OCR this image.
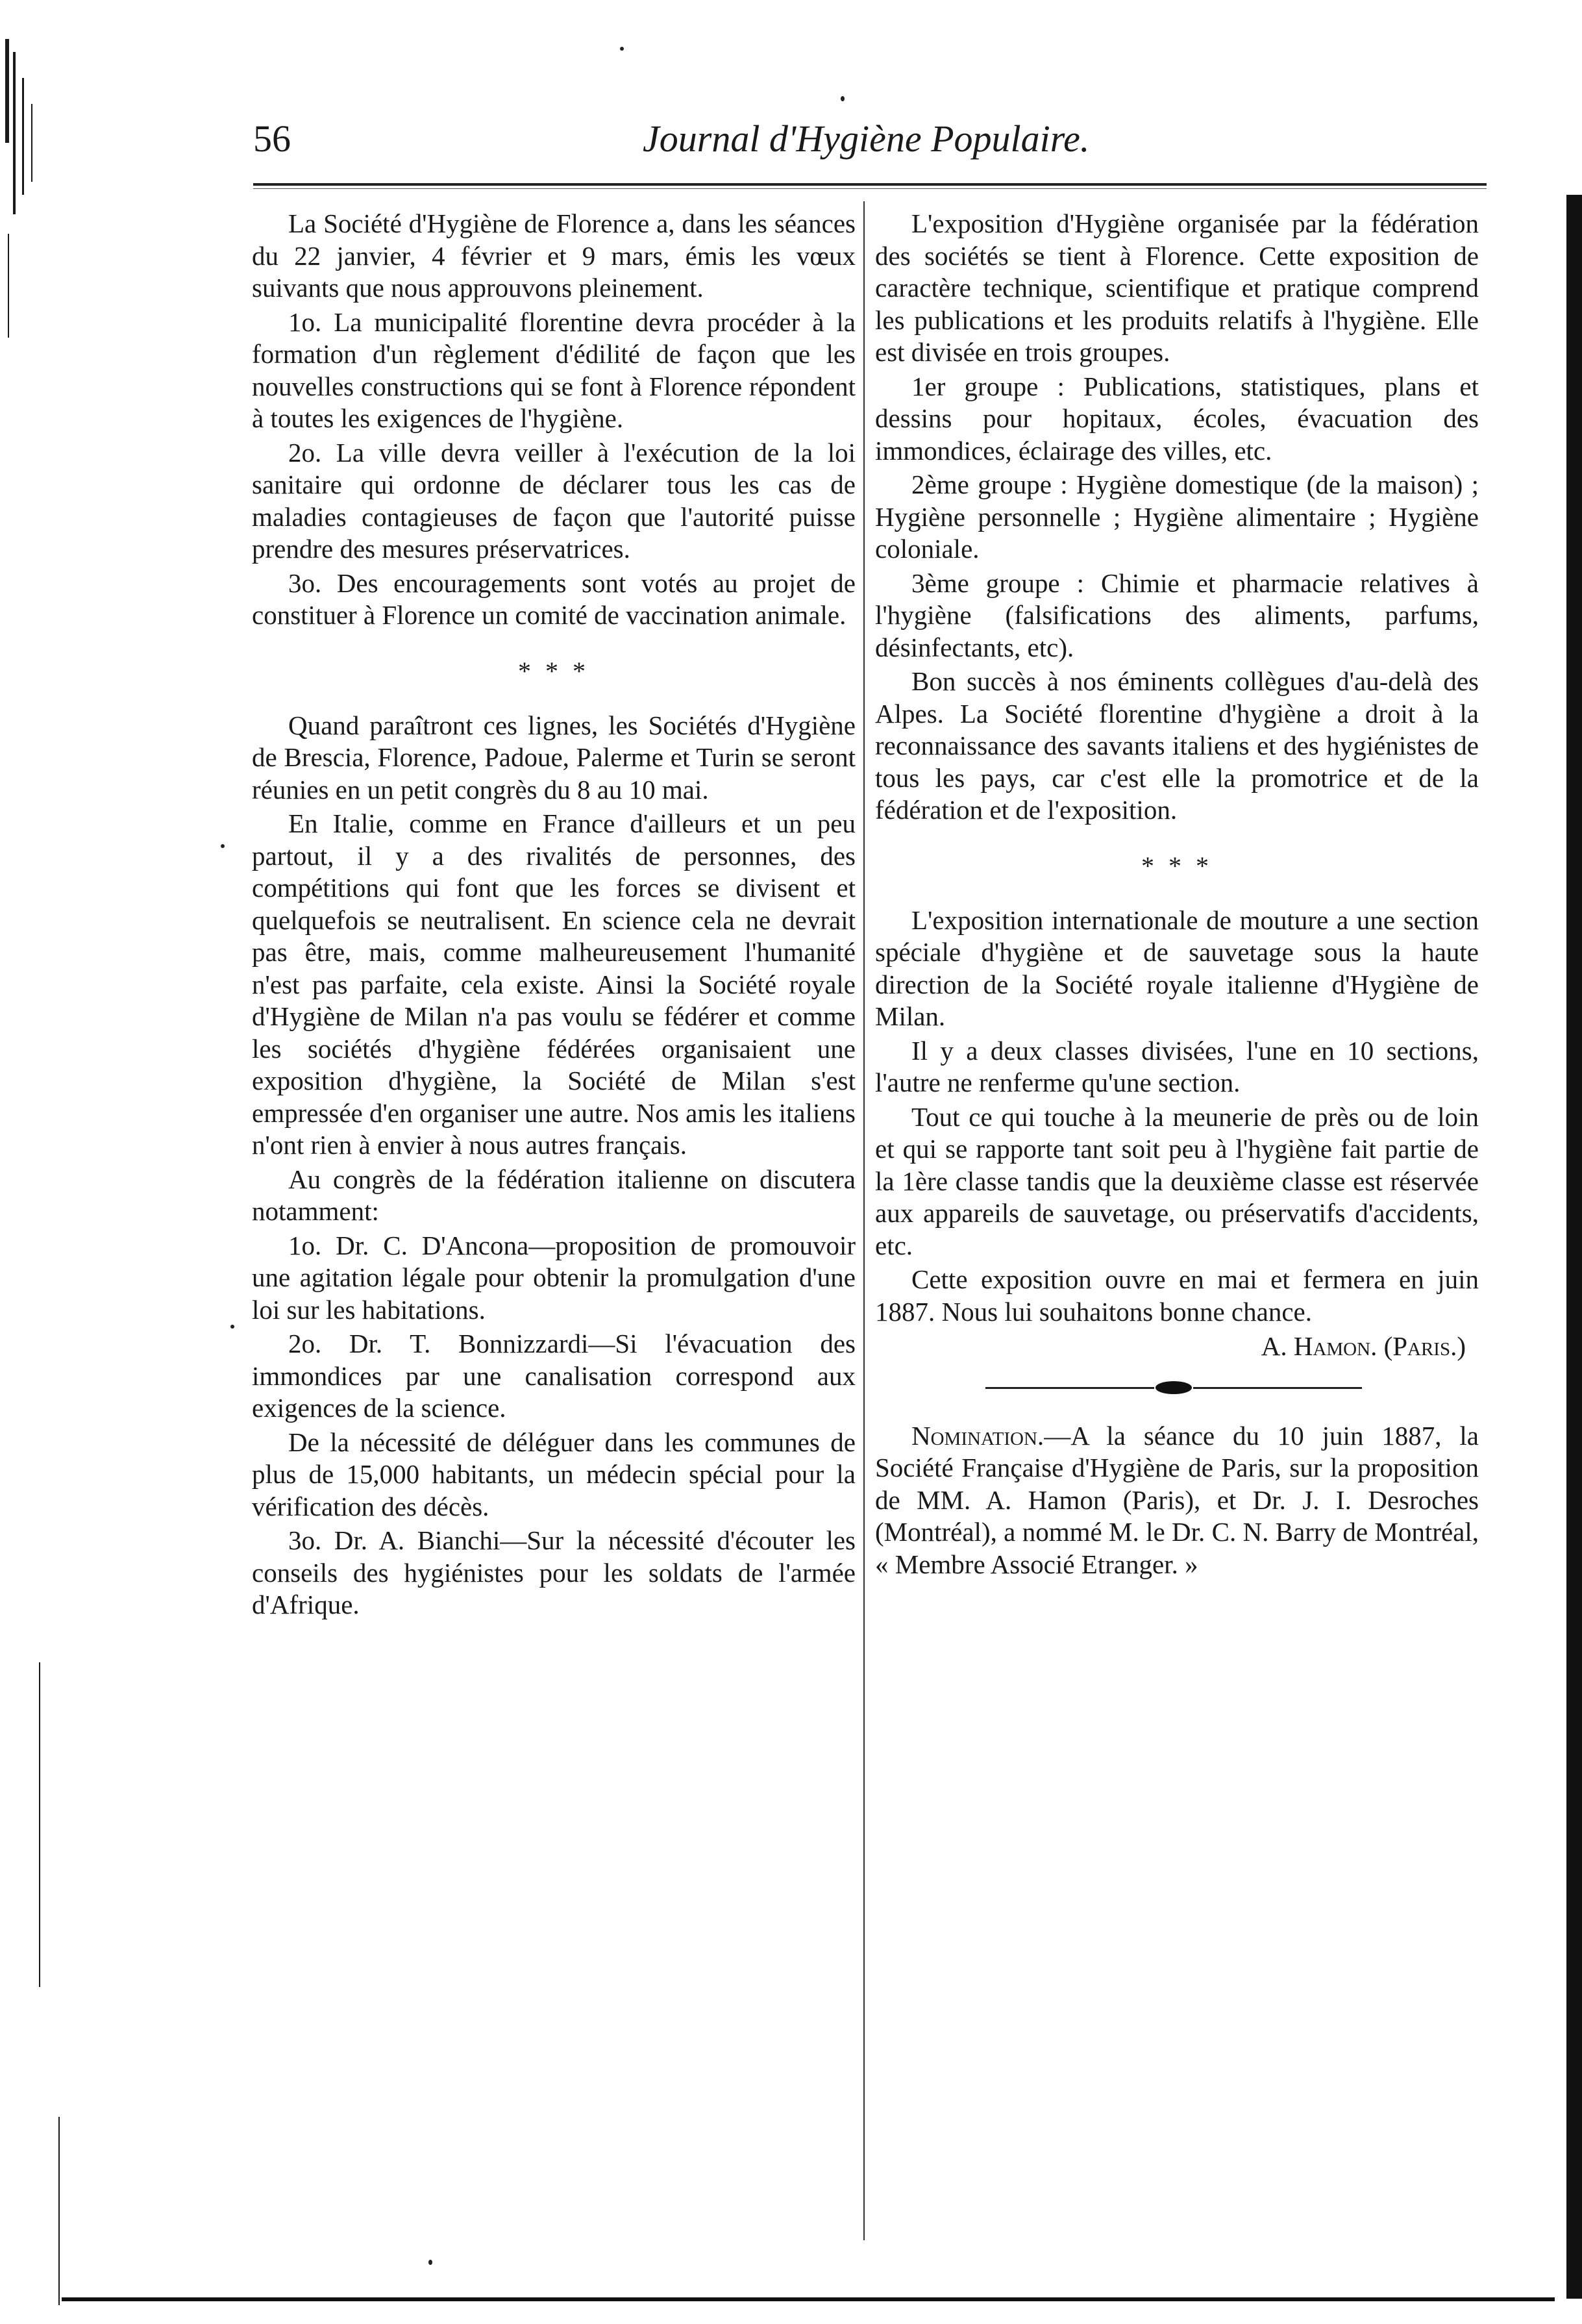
56	Journal d'Hygiène Populaire.

La Société d'Hygiène de Florence a, dans les séances du 22 janvier, 4 février et 9 mars, émis les vœux suivants que nous approuvons pleinement.

1o. La municipalité florentine devra procéder à la formation d'un règlement d'édilité de façon que les nouvelles constructions qui se font à Florence répondent à toutes les exigences de l'hygiène.

2o. La ville devra veiller à l'exécution de la loi sanitaire qui ordonne de déclarer tous les cas de maladies contagieuses de façon que l'autorité puisse prendre des mesures préservatrices.

3o. Des encouragements sont votés au projet de constituer à Florence un comité de vaccination animale.

* * *

Quand paraîtront ces lignes, les Sociétés d'Hygiène de Brescia, Florence, Padoue, Palerme et Turin se seront réunies en un petit congrès du 8 au 10 mai.

En Italie, comme en France d'ailleurs et un peu partout, il y a des rivalités de personnes, des compétitions qui font que les forces se divisent et quelquefois se neutralisent. En science cela ne devrait pas être, mais, comme malheureusement l'humanité n'est pas parfaite, cela existe. Ainsi la Société royale d'Hygiène de Milan n'a pas voulu se fédérer et comme les sociétés d'hygiène fédérées organisaient une exposition d'hygiène, la Société de Milan s'est empressée d'en organiser une autre. Nos amis les italiens n'ont rien à envier à nous autres français.

Au congrès de la fédération italienne on discutera notamment:

1o. Dr. C. D'Ancona—proposition de promouvoir une agitation légale pour obtenir la promulgation d'une loi sur les habitations.

2o. Dr. T. Bonnizzardi—Si l'évacuation des immondices par une canalisation correspond aux exigences de la science.

De la nécessité de déléguer dans les communes de plus de 15,000 habitants, un médecin spécial pour la vérification des décès.

3o. Dr. A. Bianchi—Sur la nécessité d'écouter les conseils des hygiénistes pour les soldats de l'armée d'Afrique.

L'exposition d'Hygiène organisée par la fédération des sociétés se tient à Florence. Cette exposition de caractère technique, scientifique et pratique comprend les publications et les produits relatifs à l'hygiène. Elle est divisée en trois groupes.

1er groupe : Publications, statistiques, plans et dessins pour hopitaux, écoles, évacuation des immondices, éclairage des villes, etc.

2ème groupe : Hygiène domestique (de la maison) ; Hygiène personnelle ; Hygiène alimentaire ; Hygiène coloniale.

3ème groupe : Chimie et pharmacie relatives à l'hygiène (falsifications des aliments, parfums, désinfectants, etc).

Bon succès à nos éminents collègues d'au-delà des Alpes. La Société florentine d'hygiène a droit à la reconnaissance des savants italiens et des hygiénistes de tous les pays, car c'est elle la promotrice et de la fédération et de l'exposition.

* * *

L'exposition internationale de mouture a une section spéciale d'hygiène et de sauvetage sous la haute direction de la Société royale italienne d'Hygiène de Milan.

Il y a deux classes divisées, l'une en 10 sections, l'autre ne renferme qu'une section.

Tout ce qui touche à la meunerie de près ou de loin et qui se rapporte tant soit peu à l'hygiène fait partie de la 1ère classe tandis que la deuxième classe est réservée aux appareils de sauvetage, ou préservatifs d'accidents, etc.

Cette exposition ouvre en mai et fermera en juin 1887. Nous lui souhaitons bonne chance.

A. Hamon. (Paris.)

Nomination.—A la séance du 10 juin 1887, la Société Française d'Hygiène de Paris, sur la proposition de MM. A. Hamon (Paris), et Dr. J. I. Desroches (Montréal), a nommé M. le Dr. C. N. Barry de Montréal, « Membre Associé Etranger. »
